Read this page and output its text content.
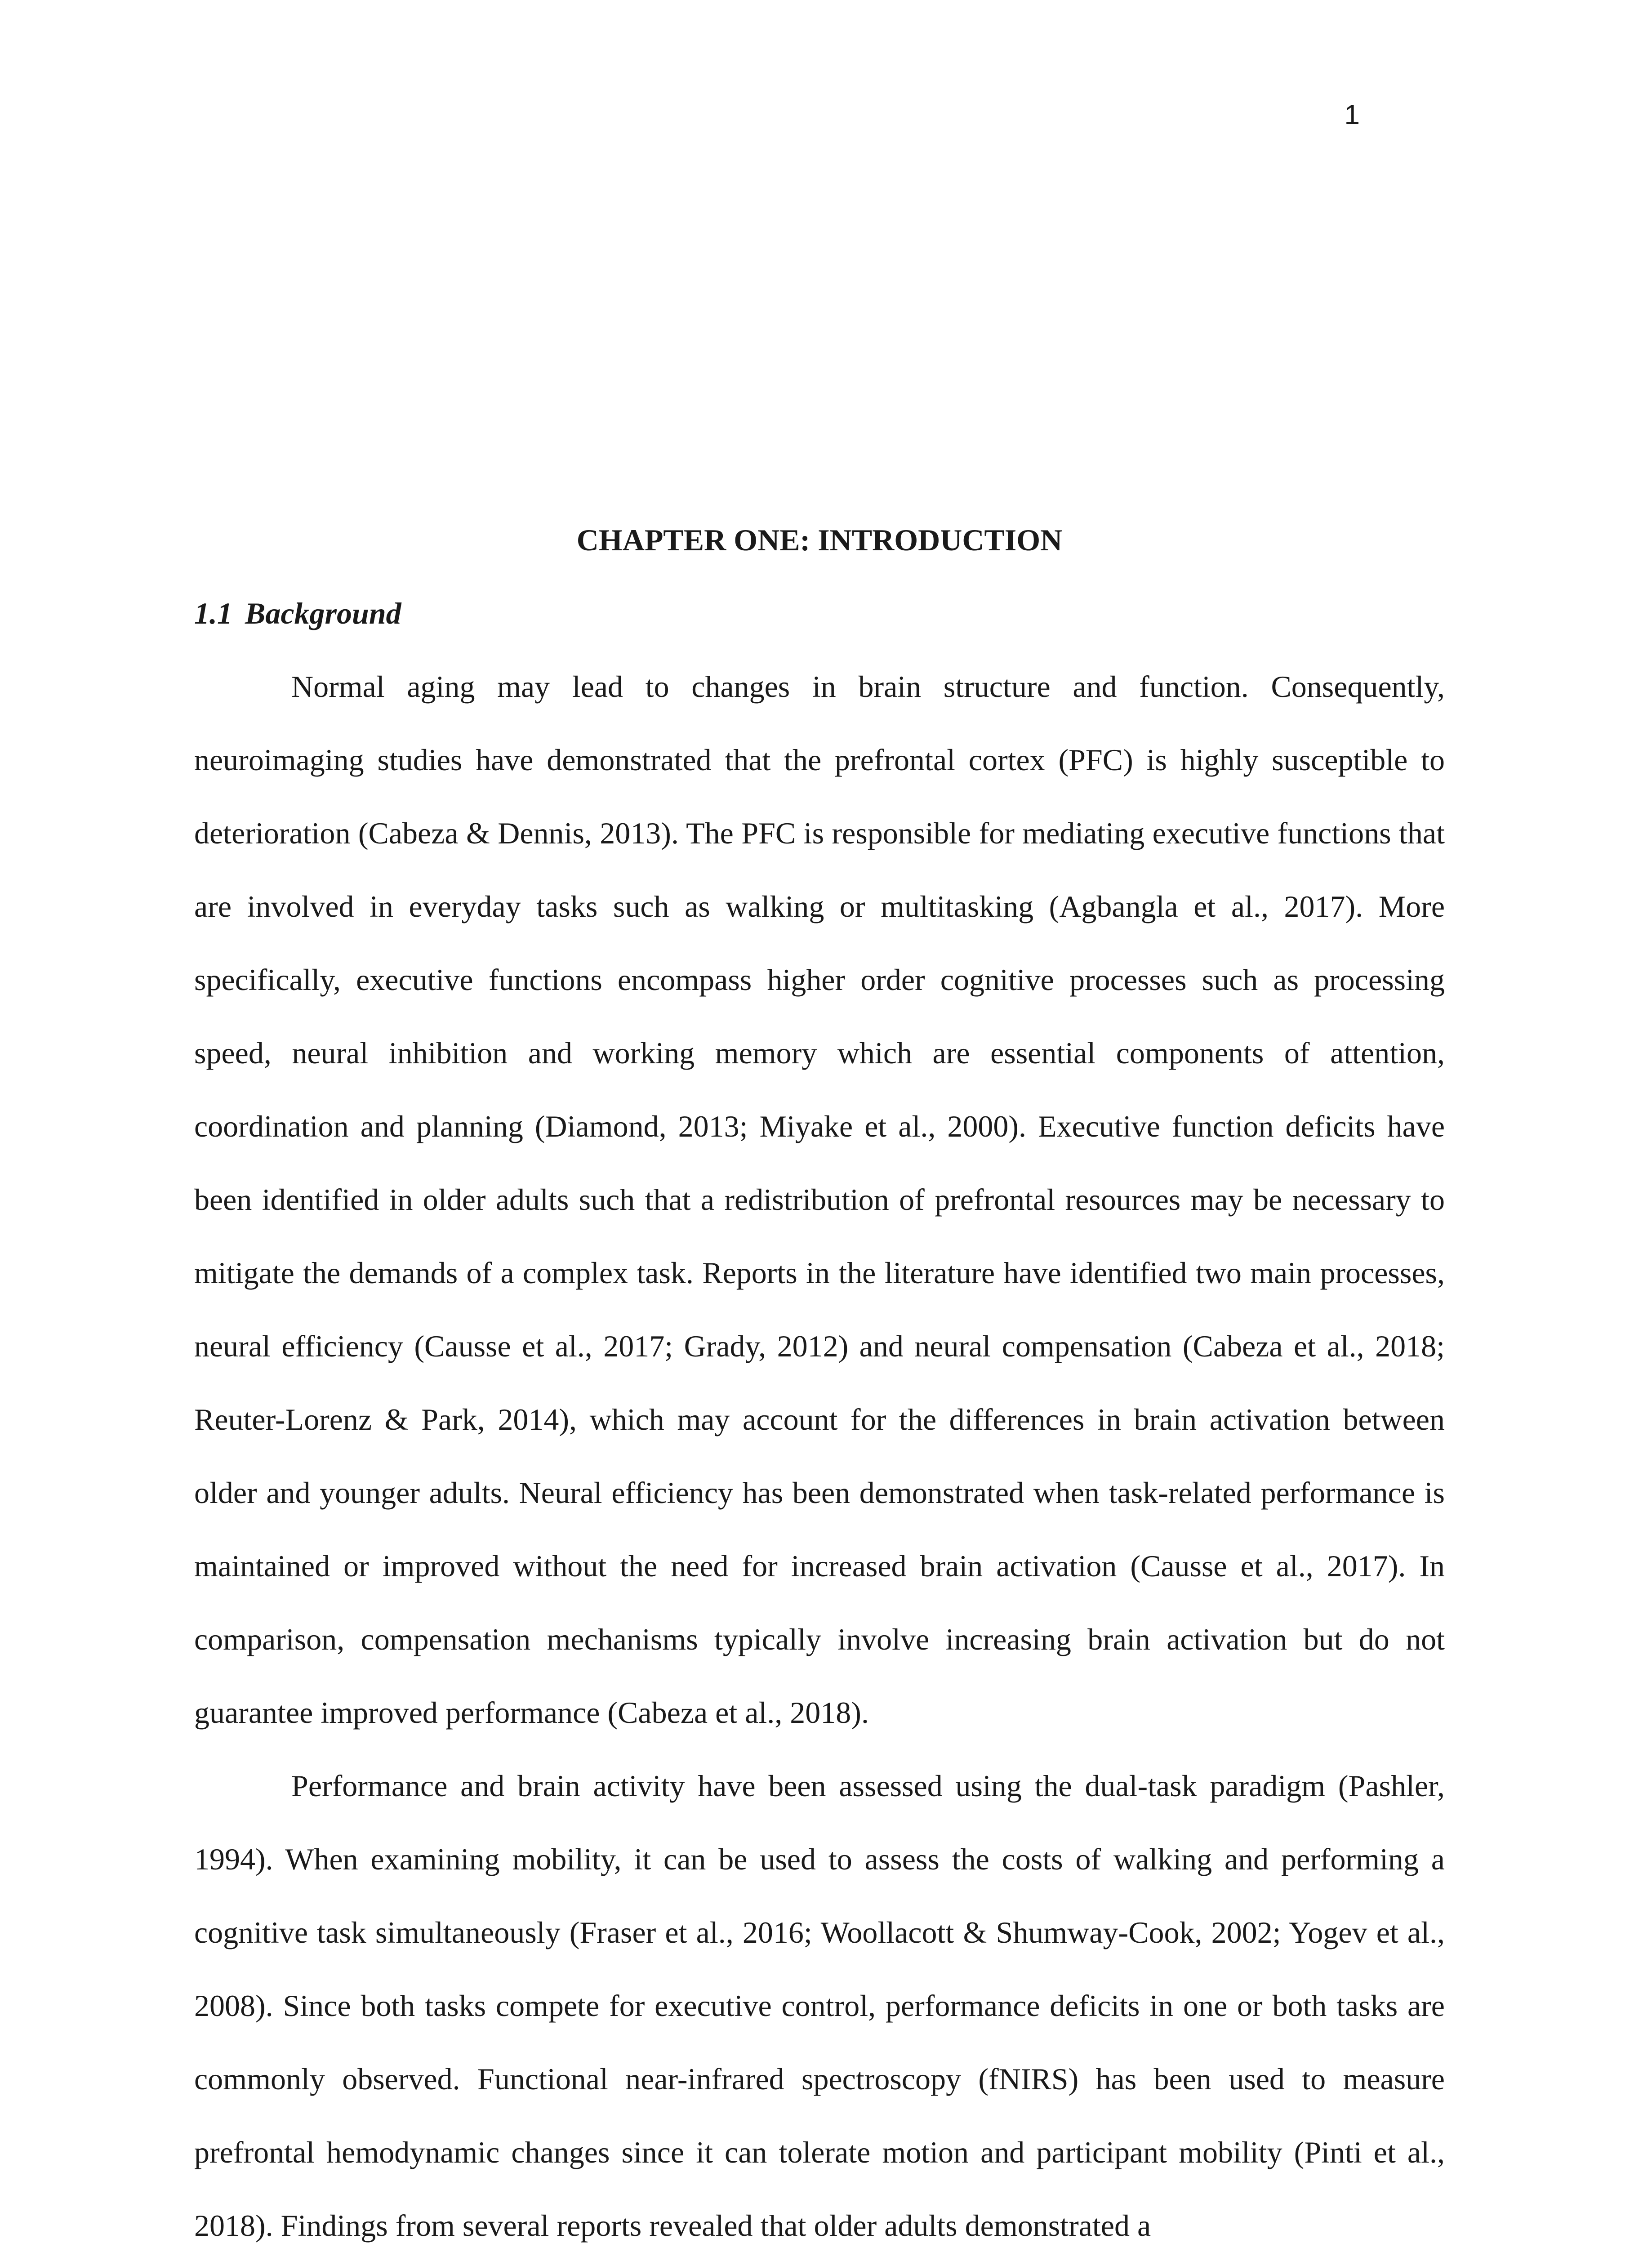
1
CHAPTER ONE: INTRODUCTION
1.1 Background

Normal aging may lead to changes in brain structure and function. Consequently, neuroimaging studies have demonstrated that the prefrontal cortex (PFC) is highly susceptible to deterioration (Cabeza & Dennis, 2013). The PFC is responsible for mediating executive functions that are involved in everyday tasks such as walking or multitasking (Agbangla et al., 2017). More specifically, executive functions encompass higher order cognitive processes such as processing speed, neural inhibition and working memory which are essential components of attention, coordination and planning (Diamond, 2013; Miyake et al., 2000). Executive function deficits have been identified in older adults such that a redistribution of prefrontal resources may be necessary to mitigate the demands of a complex task. Reports in the literature have identified two main processes, neural efficiency (Causse et al., 2017; Grady, 2012) and neural compensation (Cabeza et al., 2018; Reuter-Lorenz & Park, 2014), which may account for the differences in brain activation between older and younger adults. Neural efficiency has been demonstrated when task-related performance is maintained or improved without the need for increased brain activation (Causse et al., 2017). In comparison, compensation mechanisms typically involve increasing brain activation but do not guarantee improved performance (Cabeza et al., 2018).

Performance and brain activity have been assessed using the dual-task paradigm (Pashler, 1994). When examining mobility, it can be used to assess the costs of walking and performing a cognitive task simultaneously (Fraser et al., 2016; Woollacott & Shumway-Cook, 2002; Yogev et al., 2008). Since both tasks compete for executive control, performance deficits in one or both tasks are commonly observed. Functional near-infrared spectroscopy (fNIRS) has been used to measure prefrontal hemodynamic changes since it can tolerate motion and participant mobility (Pinti et al., 2018). Findings from several reports revealed that older adults demonstrated a
